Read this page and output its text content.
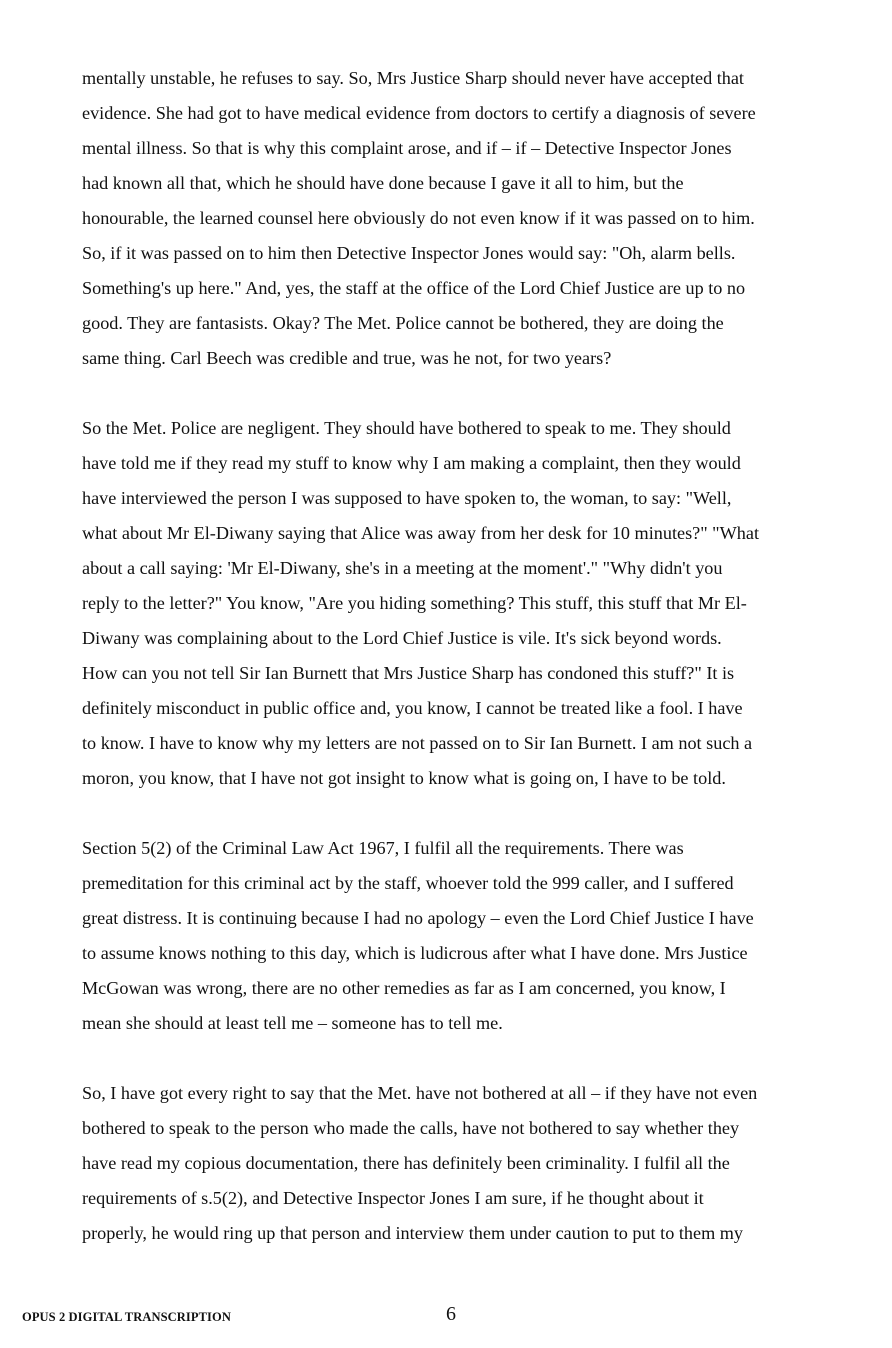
mentally unstable, he refuses to say. So, Mrs Justice Sharp should never have accepted that
evidence. She had got to have medical evidence from doctors to certify a diagnosis of severe
mental illness. So that is why this complaint arose, and if – if – Detective Inspector Jones
had known all that, which he should have done because I gave it all to him, but the
honourable, the learned counsel here obviously do not even know if it was passed on to him.
So, if it was passed on to him then Detective Inspector Jones would say: "Oh, alarm bells.
Something's up here." And, yes, the staff at the office of the Lord Chief Justice are up to no
good. They are fantasists. Okay? The Met. Police cannot be bothered, they are doing the
same thing. Carl Beech was credible and true, was he not, for two years?

So the Met. Police are negligent. They should have bothered to speak to me. They should
have told me if they read my stuff to know why I am making a complaint, then they would
have interviewed the person I was supposed to have spoken to, the woman, to say: "Well,
what about Mr El-Diwany saying that Alice was away from her desk for 10 minutes?" "What
about a call saying: 'Mr El-Diwany, she's in a meeting at the moment'." "Why didn't you
reply to the letter?" You know, "Are you hiding something? This stuff, this stuff that Mr El-
Diwany was complaining about to the Lord Chief Justice is vile. It's sick beyond words.
How can you not tell Sir Ian Burnett that Mrs Justice Sharp has condoned this stuff?" It is
definitely misconduct in public office and, you know, I cannot be treated like a fool. I have
to know. I have to know why my letters are not passed on to Sir Ian Burnett. I am not such a
moron, you know, that I have not got insight to know what is going on, I have to be told.

Section 5(2) of the Criminal Law Act 1967, I fulfil all the requirements. There was
premeditation for this criminal act by the staff, whoever told the 999 caller, and I suffered
great distress. It is continuing because I had no apology – even the Lord Chief Justice I have
to assume knows nothing to this day, which is ludicrous after what I have done. Mrs Justice
McGowan was wrong, there are no other remedies as far as I am concerned, you know, I
mean she should at least tell me – someone has to tell me.

So, I have got every right to say that the Met. have not bothered at all – if they have not even
bothered to speak to the person who made the calls, have not bothered to say whether they
have read my copious documentation, there has definitely been criminality. I fulfil all the
requirements of s.5(2), and Detective Inspector Jones I am sure, if he thought about it
properly, he would ring up that person and interview them under caution to put to them my

OPUS 2 DIGITAL TRANSCRIPTION	6
